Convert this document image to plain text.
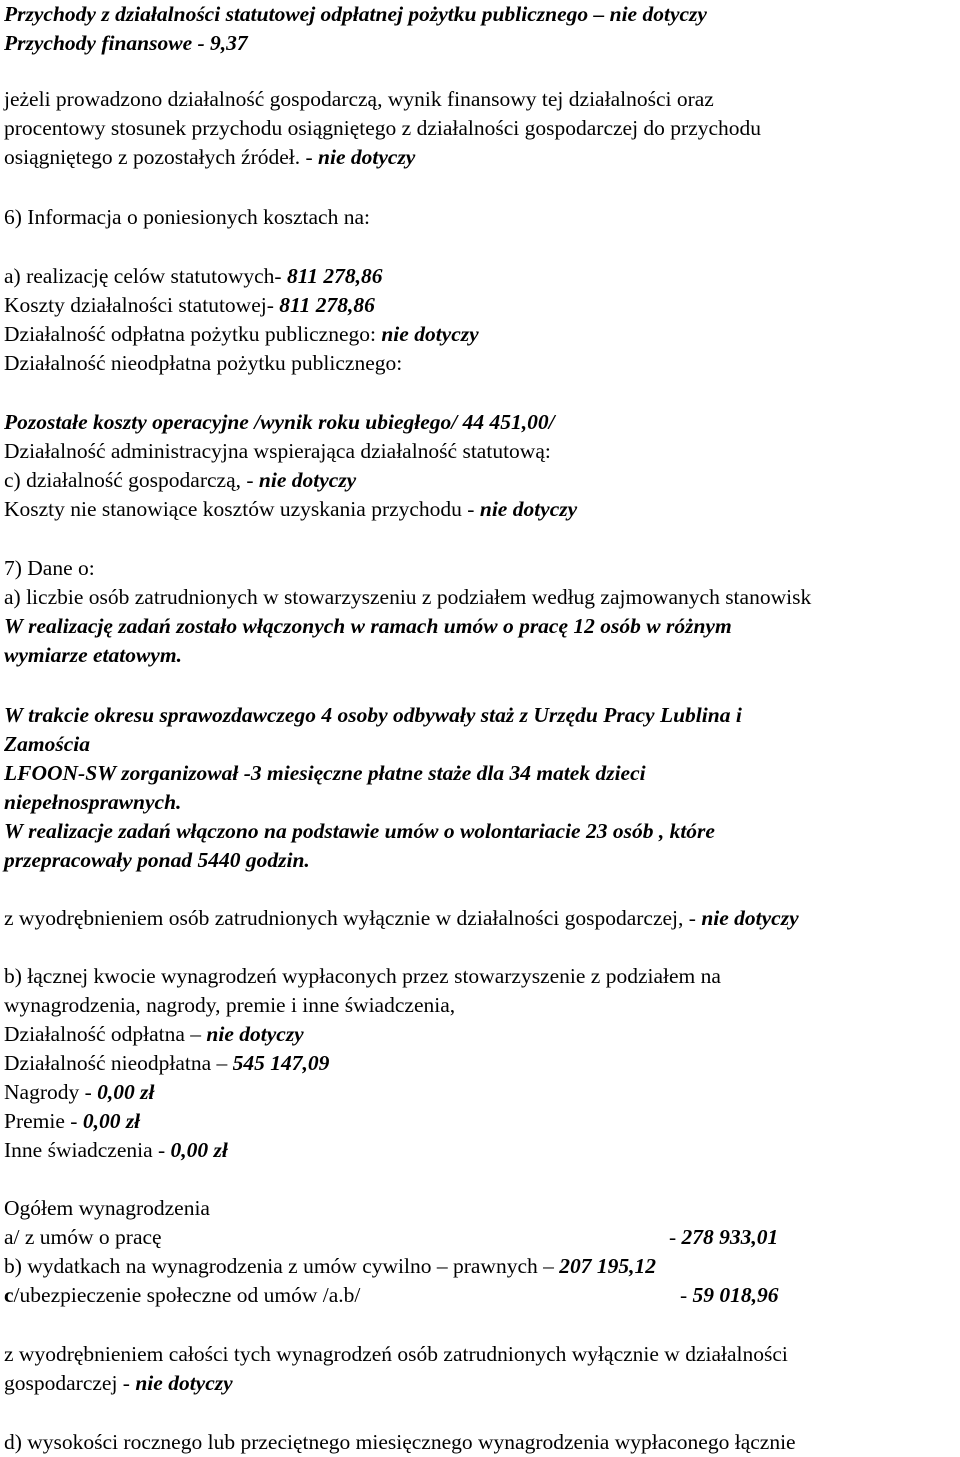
Przychody z działalności statutowej odpłatnej pożytku publicznego – nie dotyczy
Przychody finansowe - 9,37
jeżeli prowadzono działalność gospodarczą, wynik finansowy tej działalności oraz
procentowy stosunek przychodu osiągniętego z działalności gospodarczej do przychodu
osiągniętego z pozostałych źródeł. - nie dotyczy
6) Informacja o poniesionych kosztach na:
a) realizację celów statutowych- 811 278,86
Koszty działalności statutowej- 811 278,86
Działalność odpłatna pożytku publicznego: nie dotyczy
Działalność nieodpłatna pożytku publicznego:
Pozostałe koszty operacyjne /wynik roku ubiegłego/ 44 451,00/
Działalność administracyjna wspierająca działalność statutową:
c) działalność gospodarczą, - nie dotyczy
Koszty nie stanowiące kosztów uzyskania przychodu - nie dotyczy
7) Dane o:
a) liczbie osób zatrudnionych w stowarzyszeniu z podziałem według zajmowanych stanowisk
W realizację zadań zostało włączonych w ramach umów o pracę 12 osób w różnym
wymiarze etatowym.
W trakcie okresu sprawozdawczego 4 osoby odbywały staż z Urzędu Pracy Lublina i
Zamościa
LFOON-SW zorganizował -3 miesięczne płatne staże dla 34 matek dzieci
niepełnosprawnych.
W realizacje zadań włączono na podstawie umów o wolontariacie 23 osób , które
przepracowały ponad 5440 godzin.
z wyodrębnieniem osób zatrudnionych wyłącznie w działalności gospodarczej, - nie dotyczy
b) łącznej kwocie wynagrodzeń wypłaconych przez stowarzyszenie z podziałem na
wynagrodzenia, nagrody, premie i inne świadczenia,
Działalność odpłatna – nie dotyczy
Działalność nieodpłatna – 545 147,09
Nagrody - 0,00 zł
Premie - 0,00 zł
Inne świadczenia - 0,00 zł
Ogółem wynagrodzenia
a/ z umów o pracę	- 278 933,01
b) wydatkach na wynagrodzenia z umów cywilno – prawnych – 207 195,12
c/ubezpieczenie społeczne od umów /a.b/	- 59 018,96
z wyodrębnieniem całości tych wynagrodzeń osób zatrudnionych wyłącznie w działalności
gospodarczej - nie dotyczy
d) wysokości rocznego lub przeciętnego miesięcznego wynagrodzenia wypłaconego łącznie
